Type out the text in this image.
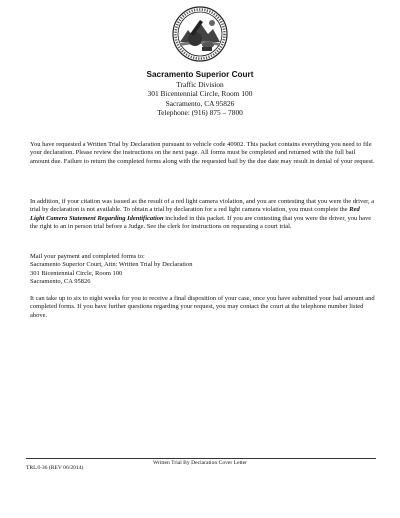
Sacramento Superior Court
Traffic Division
301 Bicentennial Circle, Room 100
Sacramento, CA 95826
Telephone: (916) 875 – 7800
You have requested a Written Trial by Declaration pursuant to vehicle code 40902. This packet contains everything you need to file your declaration. Please review the instructions on the next page. All forms must be completed and returned with the full bail amount due. Failure to return the completed forms along with the requested bail by the due date may result in denial of your request.
In addition, if your citation was issued as the result of a red light camera violation, and you are contesting that you were the driver, a trial by declaration is not available. To obtain a trial by declaration for a red light camera violation, you must complete the Red Light Camera Statement Regarding Identification included in this packet. If you are contesting that you were the driver, you have the right to an in person trial before a Judge. See the clerk for instructions on requesting a court trial.
Mail your payment and completed forms to:
Sacramento Superior Court, Attn: Written Trial by Declaration
301 Bicentennial Circle, Room 100
Sacramento, CA 95826
It can take up to six to eight weeks for you to receive a final disposition of your case, once you have submitted your bail amount and completed forms. If you have further questions regarding your request, you may contact the court at the telephone number listed above.
Written Trial By Declaration Cover Letter
TRL/I-36 (REV 06/2014)
